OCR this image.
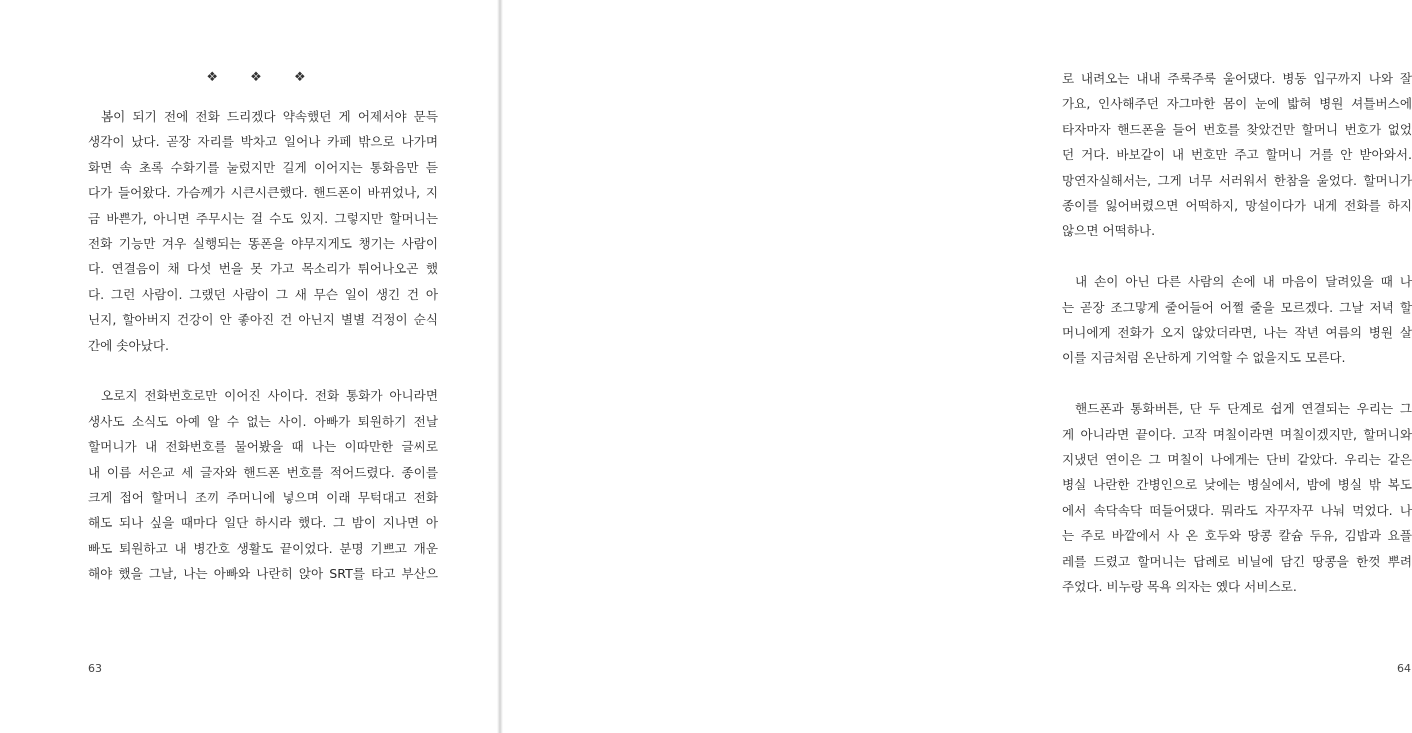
❖ ❖ ❖
봄이 되기 전에 전화 드리겠다 약속했던 게 어제서야 문득
생각이 났다. 곧장 자리를 박차고 일어나 카페 밖으로 나가며
화면 속 초록 수화기를 눌렀지만 길게 이어지는 통화음만 듣
다가 들어왔다. 가슴께가 시큰시큰했다. 핸드폰이 바뀌었나, 지
금 바쁜가, 아니면 주무시는 걸 수도 있지. 그렇지만 할머니는
전화 기능만 겨우 실행되는 똥폰을 야무지게도 챙기는 사람이
다. 연결음이 채 다섯 번을 못 가고 목소리가 튀어나오곤 했
다. 그런 사람이. 그랬던 사람이 그 새 무슨 일이 생긴 건 아
닌지, 할아버지 건강이 안 좋아진 건 아닌지 별별 걱정이 순식
간에 솟아났다.
오로지 전화번호로만 이어진 사이다. 전화 통화가 아니라면
생사도 소식도 아예 알 수 없는 사이. 아빠가 퇴원하기 전날
할머니가 내 전화번호를 물어봤을 때 나는 이따만한 글씨로
내 이름 서은교 세 글자와 핸드폰 번호를 적어드렸다. 종이를
크게 접어 할머니 조끼 주머니에 넣으며 이래 무턱대고 전화
해도 되나 싶을 때마다 일단 하시라 했다. 그 밤이 지나면 아
빠도 퇴원하고 내 병간호 생활도 끝이었다. 분명 기쁘고 개운
해야 했을 그날, 나는 아빠와 나란히 앉아 SRT를 타고 부산으
63
로 내려오는 내내 주룩주룩 울어댔다. 병동 입구까지 나와 잘
가요, 인사해주던 자그마한 몸이 눈에 밟혀 병원 셔틀버스에
타자마자 핸드폰을 들어 번호를 찾았건만 할머니 번호가 없었
던 거다. 바보같이 내 번호만 주고 할머니 거를 안 받아와서.
망연자실해서는, 그게 너무 서러워서 한참을 울었다. 할머니가
종이를 잃어버렸으면 어떡하지, 망설이다가 내게 전화를 하지
않으면 어떡하나.
내 손이 아닌 다른 사람의 손에 내 마음이 달려있을 때 나
는 곧장 조그맣게 줄어들어 어쩔 줄을 모르겠다. 그날 저녁 할
머니에게 전화가 오지 않았더라면, 나는 작년 여름의 병원 살
이를 지금처럼 온난하게 기억할 수 없을지도 모른다.
핸드폰과 통화버튼, 단 두 단계로 쉽게 연결되는 우리는 그
게 아니라면 끝이다. 고작 며칠이라면 며칠이겠지만, 할머니와
지냈던 연이은 그 며칠이 나에게는 단비 같았다. 우리는 같은
병실 나란한 간병인으로 낮에는 병실에서, 밤에 병실 밖 복도
에서 속닥속닥 떠들어댔다. 뭐라도 자꾸자꾸 나눠 먹었다. 나
는 주로 바깥에서 사 온 호두와 땅콩 칼슘 두유, 김밥과 요플
레를 드렸고 할머니는 답례로 비닐에 담긴 땅콩을 한껏 뿌려
주었다. 비누랑 목욕 의자는 옜다 서비스로.
64
